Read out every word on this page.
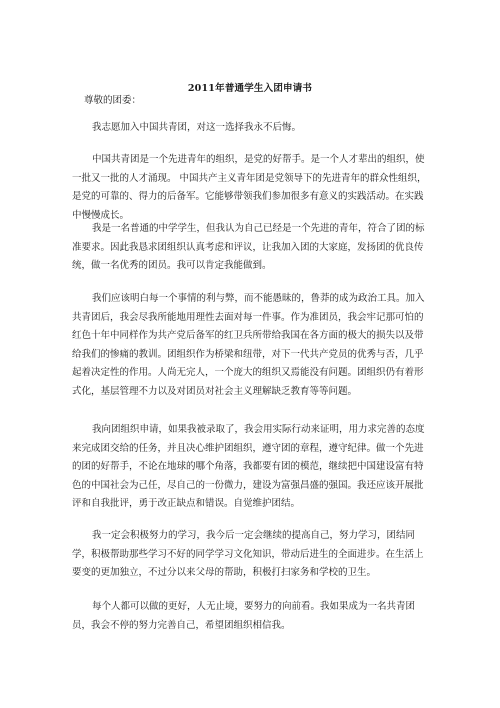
2011年普通学生入团申请书
尊敬的团委：
我志愿加入中国共青团，对这一选择我永不后悔。
中国共青团是一个先进青年的组织，是党的好帮手。是一个人才辈出的组织，使一批又一批的人才涌现。 中国共产主义青年团是党领导下的先进青年的群众性组织，是党的可靠的、得力的后备军。它能够带领我们参加很多有意义的实践活动。在实践中慢慢成长。
我是一名普通的中学学生，但我认为自己已经是一个先进的青年，符合了团的标准要求。因此我恳求团组织认真考虑和评议，让我加入团的大家庭，发扬团的优良传统，做一名优秀的团员。我可以肯定我能做到。
我们应该明白每一个事情的利与弊，而不能愚昧的，鲁莽的成为政治工具。加入共青团后，我会尽我所能地用理性去面对每一件事。作为准团员，我会牢记那可怕的红色十年中同样作为共产党后备军的红卫兵所带给我国在各方面的极大的损失以及带给我们的惨痛的教训。团组织作为桥梁和纽带，对下一代共产党员的优秀与否，几乎起着决定性的作用。人尚无完人，一个庞大的组织又焉能没有问题。团组织仍有着形式化，基层管理不力以及对团员对社会主义理解缺乏教育等等问题。
我向团组织申请，如果我被录取了，我会用实际行动来证明，用力求完善的态度来完成团交给的任务，并且决心维护团组织，遵守团的章程，遵守纪律。做一个先进的团的好帮手，不论在地球的哪个角落，我都要有团的模范，继续把中国建设富有特色的中国社会为己任，尽自己的一份微力，建设为富强昌盛的强国。我还应该开展批评和自我批评，勇于改正缺点和错误。自觉维护团结。
我一定会积极努力的学习，我今后一定会继续的提高自己，努力学习，团结同学，积极帮助那些学习不好的同学学习文化知识，带动后进生的全面进步。在生活上要变的更加独立，不过分以来父母的帮助，积极打扫家务和学校的卫生。
每个人都可以做的更好，人无止境，要努力的向前看。我如果成为一名共青团员，我会不停的努力完善自己，希望团组织相信我。
